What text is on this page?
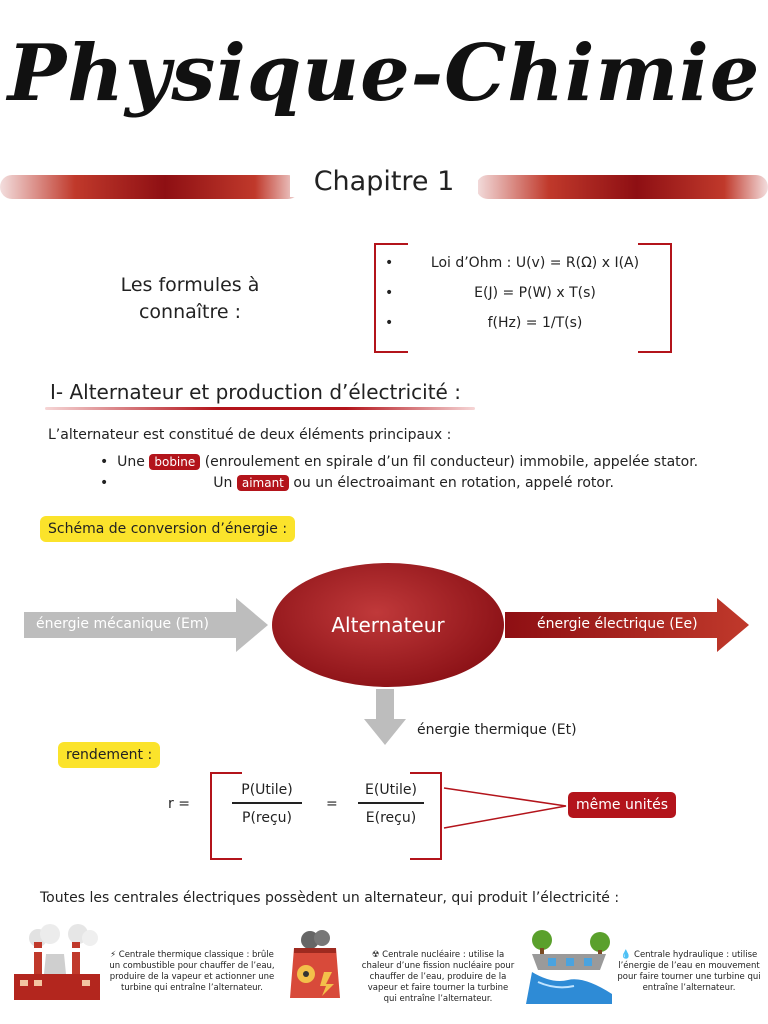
Physique-Chimie
Chapitre 1
Les formules à connaître :
•	Loi d’Ohm : U(v) = R(Ω) x I(A)
•	E(J) = P(W) x T(s)
•	f(Hz) = 1/T(s)
I- Alternateur et production d’électricité :
L’alternateur est constitué de deux éléments principaux :
•  Une bobine (enroulement en spirale d’un fil conducteur) immobile, appelée stator.
•	Un aimant ou un électroaimant en rotation, appelé rotor.
Schéma de conversion d’énergie :
énergie mécanique (Em)	Alternateur	énergie électrique (Ee)
énergie thermique (Et)
rendement :
r =
P(Utile)
P(reçu)
=
E(Utile)
E(reçu)
même unités
Toutes les centrales électriques possèdent un alternateur, qui produit l’électricité :
⚡ Centrale thermique classique : brûle un combustible pour chauffer de l’eau, produire de la vapeur et actionner une turbine qui entraîne l’alternateur.
☢ Centrale nucléaire : utilise la chaleur d’une fission nucléaire pour chauffer de l’eau, produire de la vapeur et faire tourner la turbine qui entraîne l’alternateur.
💧 Centrale hydraulique : utilise l’énergie de l’eau en mouvement pour faire tourner une turbine qui entraîne l’alternateur.
